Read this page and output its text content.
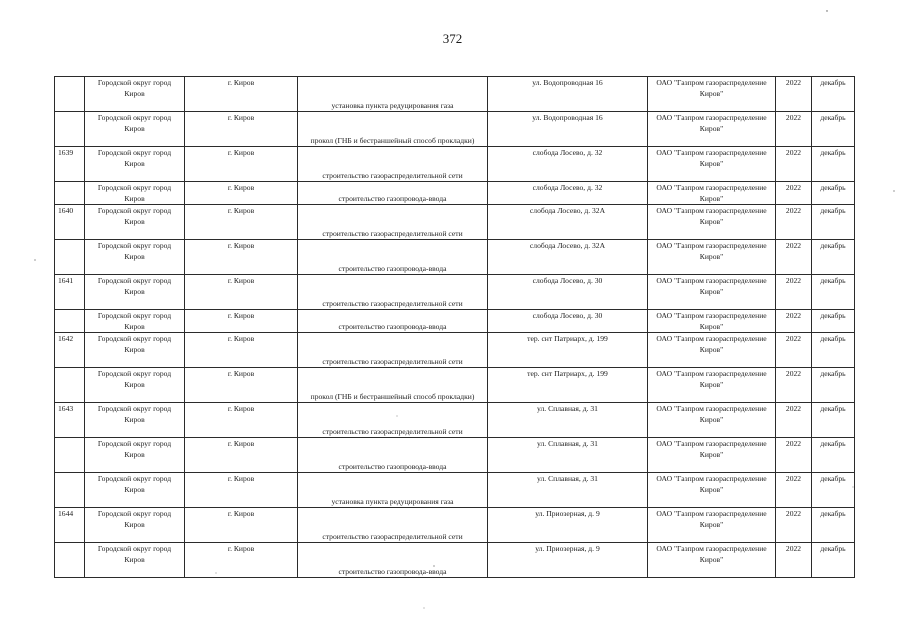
372
	Городской округ город Киров	г. Киров	установка пункта редуцирования газа	ул. Водопроводная 16	ОАО "Газпром газораспределение Киров"	2022	декабрь
	Городской округ город Киров	г. Киров	прокол (ГНБ и бестраншейный способ прокладки)	ул. Водопроводная 16	ОАО "Газпром газораспределение Киров"	2022	декабрь
1639	Городской округ город Киров	г. Киров	строительство газораспределительной сети	слобода Лосево, д. 32	ОАО "Газпром газораспределение Киров"	2022	декабрь
	Городской округ город Киров	г. Киров	строительство газопровода-ввода	слобода Лосево, д. 32	ОАО "Газпром газораспределение Киров"	2022	декабрь
1640	Городской округ город Киров	г. Киров	строительство газораспределительной сети	слобода Лосево, д. 32А	ОАО "Газпром газораспределение Киров"	2022	декабрь
	Городской округ город Киров	г. Киров	строительство газопровода-ввода	слобода Лосево, д. 32А	ОАО "Газпром газораспределение Киров"	2022	декабрь
1641	Городской округ город Киров	г. Киров	строительство газораспределительной сети	слобода Лосево, д. 30	ОАО "Газпром газораспределение Киров"	2022	декабрь
	Городской округ город Киров	г. Киров	строительство газопровода-ввода	слобода Лосево, д. 30	ОАО "Газпром газораспределение Киров"	2022	декабрь
1642	Городской округ город Киров	г. Киров	строительство газораспределительной сети	тер. снт Патриарх, д. 199	ОАО "Газпром газораспределение Киров"	2022	декабрь
	Городской округ город Киров	г. Киров	прокол (ГНБ и бестраншейный способ прокладки)	тер. снт Патриарх, д. 199	ОАО "Газпром газораспределение Киров"	2022	декабрь
1643	Городской округ город Киров	г. Киров	строительство газораспределительной сети	ул. Сплавная, д. 31	ОАО "Газпром газораспределение Киров"	2022	декабрь
	Городской округ город Киров	г. Киров	строительство газопровода-ввода	ул. Сплавная, д. 31	ОАО "Газпром газораспределение Киров"	2022	декабрь
	Городской округ город Киров	г. Киров	установка пункта редуцирования газа	ул. Сплавная, д. 31	ОАО "Газпром газораспределение Киров"	2022	декабрь
1644	Городской округ город Киров	г. Киров	строительство газораспределительной сети	ул. Приозерная, д. 9	ОАО "Газпром газораспределение Киров"	2022	декабрь
	Городской округ город Киров	г. Киров	строительство газопровода-ввода	ул. Приозерная, д. 9	ОАО "Газпром газораспределение Киров"	2022	декабрь
